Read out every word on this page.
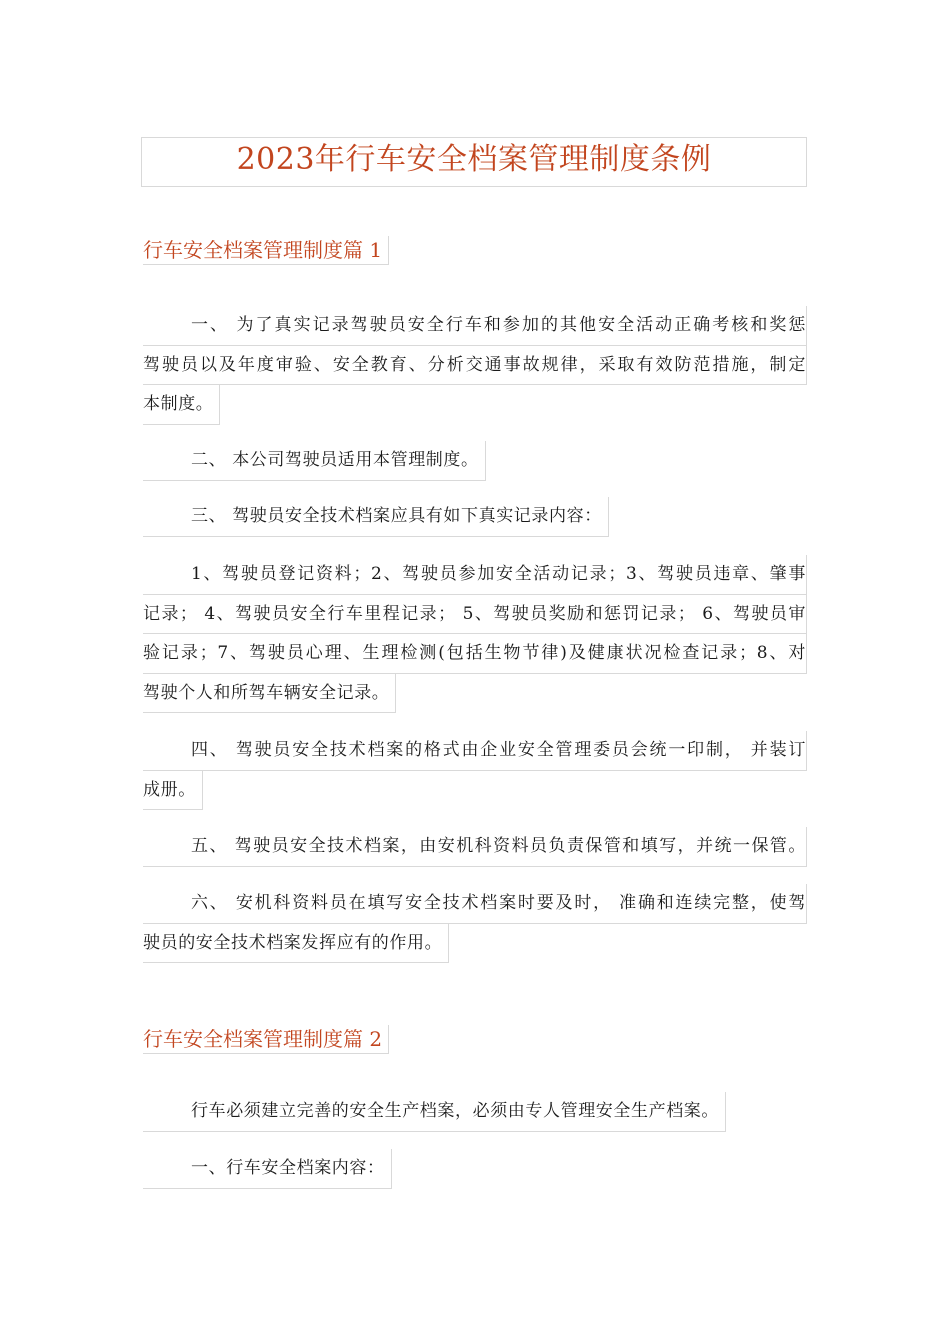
2023年行车安全档案管理制度条例
行车安全档案管理制度篇 1
一、 为了真实记录驾驶员安全行车和参加的其他安全活动正确考核和奖惩
驾驶员以及年度审验、安全教育、分析交通事故规律，采取有效防范措施，制定
本制度。
二、 本公司驾驶员适用本管理制度。
三、 驾驶员安全技术档案应具有如下真实记录内容：
1、驾驶员登记资料；2、驾驶员参加安全活动记录；3、驾驶员违章、肇事
记录； 4、驾驶员安全行车里程记录； 5、驾驶员奖励和惩罚记录； 6、驾驶员审
验记录；7、驾驶员心理、生理检测(包括生物节律)及健康状况检查记录；8、对
驾驶个人和所驾车辆安全记录。
四、 驾驶员安全技术档案的格式由企业安全管理委员会统一印制， 并装订
成册。
五、 驾驶员安全技术档案，由安机科资料员负责保管和填写，并统一保管。
六、 安机科资料员在填写安全技术档案时要及时， 准确和连续完整，使驾
驶员的安全技术档案发挥应有的作用。
行车安全档案管理制度篇 2
行车必须建立完善的安全生产档案，必须由专人管理安全生产档案。
一、行车安全档案内容：
